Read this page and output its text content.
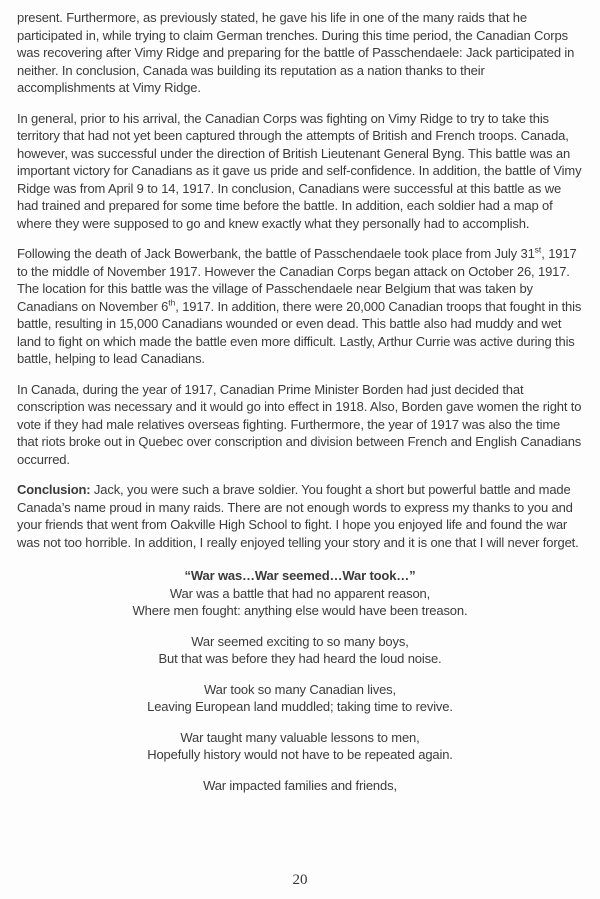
present. Furthermore, as previously stated, he gave his life in one of the many raids that he participated in, while trying to claim German trenches. During this time period, the Canadian Corps was recovering after Vimy Ridge and preparing for the battle of Passchendaele: Jack participated in neither. In conclusion, Canada was building its reputation as a nation thanks to their accomplishments at Vimy Ridge.

In general, prior to his arrival, the Canadian Corps was fighting on Vimy Ridge to try to take this territory that had not yet been captured through the attempts of British and French troops. Canada, however, was successful under the direction of British Lieutenant General Byng. This battle was an important victory for Canadians as it gave us pride and self-confidence. In addition, the battle of Vimy Ridge was from April 9 to 14, 1917. In conclusion, Canadians were successful at this battle as we had trained and prepared for some time before the battle. In addition, each soldier had a map of where they were supposed to go and knew exactly what they personally had to accomplish.

Following the death of Jack Bowerbank, the battle of Passchendaele took place from July 31st, 1917 to the middle of November 1917. However the Canadian Corps began attack on October 26, 1917. The location for this battle was the village of Passchendaele near Belgium that was taken by Canadians on November 6th, 1917. In addition, there were 20,000 Canadian troops that fought in this battle, resulting in 15,000 Canadians wounded or even dead. This battle also had muddy and wet land to fight on which made the battle even more difficult. Lastly, Arthur Currie was active during this battle, helping to lead Canadians.

In Canada, during the year of 1917, Canadian Prime Minister Borden had just decided that conscription was necessary and it would go into effect in 1918. Also, Borden gave women the right to vote if they had male relatives overseas fighting. Furthermore, the year of 1917 was also the time that riots broke out in Quebec over conscription and division between French and English Canadians occurred.

Conclusion: Jack, you were such a brave soldier. You fought a short but powerful battle and made Canada’s name proud in many raids. There are not enough words to express my thanks to you and your friends that went from Oakville High School to fight. I hope you enjoyed life and found the war was not too horrible. In addition, I really enjoyed telling your story and it is one that I will never forget.

“War was…War seemed…War took…”

War was a battle that had no apparent reason,
Where men fought: anything else would have been treason.

War seemed exciting to so many boys,
But that was before they had heard the loud noise.

War took so many Canadian lives,
Leaving European land muddled; taking time to revive.

War taught many valuable lessons to men,
Hopefully history would not have to be repeated again.

War impacted families and friends,

20
